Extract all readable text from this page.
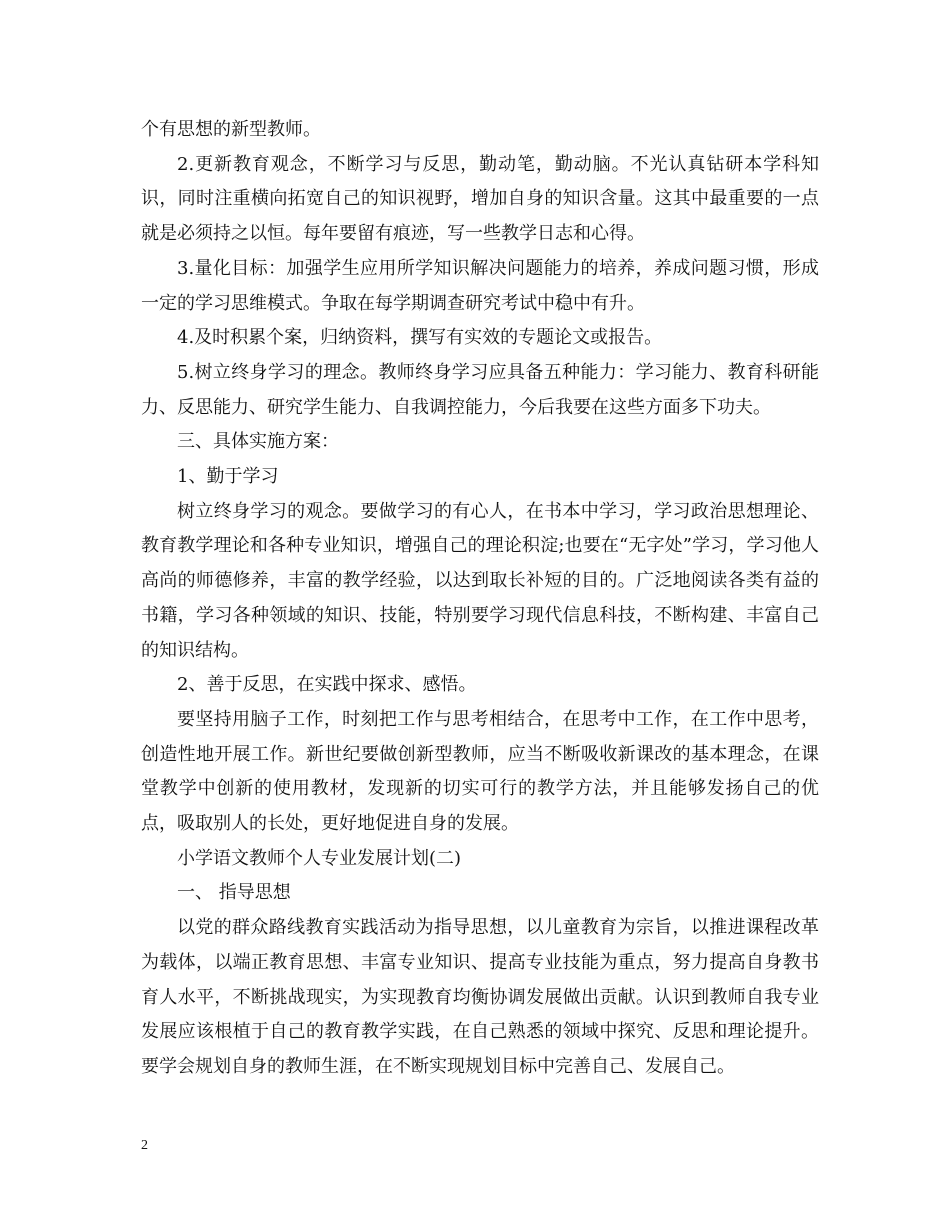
个有思想的新型教师。

2.更新教育观念，不断学习与反思，勤动笔，勤动脑。不光认真钻研本学科知识，同时注重横向拓宽自己的知识视野，增加自身的知识含量。这其中最重要的一点就是必须持之以恒。每年要留有痕迹，写一些教学日志和心得。

3.量化目标：加强学生应用所学知识解决问题能力的培养，养成问题习惯，形成一定的学习思维模式。争取在每学期调查研究考试中稳中有升。

4.及时积累个案，归纳资料，撰写有实效的专题论文或报告。

5.树立终身学习的理念。教师终身学习应具备五种能力：学习能力、教育科研能力、反思能力、研究学生能力、自我调控能力，今后我要在这些方面多下功夫。

三、具体实施方案：

1、勤于学习

树立终身学习的观念。要做学习的有心人，在书本中学习，学习政治思想理论、教育教学理论和各种专业知识，增强自己的理论积淀;也要在“无字处”学习，学习他人高尚的师德修养，丰富的教学经验，以达到取长补短的目的。广泛地阅读各类有益的书籍，学习各种领域的知识、技能，特别要学习现代信息科技，不断构建、丰富自己的知识结构。

2、善于反思，在实践中探求、感悟。

要坚持用脑子工作，时刻把工作与思考相结合，在思考中工作，在工作中思考，创造性地开展工作。新世纪要做创新型教师，应当不断吸收新课改的基本理念，在课堂教学中创新的使用教材，发现新的切实可行的教学方法，并且能够发扬自己的优点，吸取别人的长处，更好地促进自身的发展。

小学语文教师个人专业发展计划(二)

一、 指导思想

以党的群众路线教育实践活动为指导思想，以儿童教育为宗旨，以推进课程改革为载体，以端正教育思想、丰富专业知识、提高专业技能为重点，努力提高自身教书育人水平，不断挑战现实，为实现教育均衡协调发展做出贡献。认识到教师自我专业发展应该根植于自己的教育教学实践，在自己熟悉的领域中探究、反思和理论提升。要学会规划自身的教师生涯，在不断实现规划目标中完善自己、发展自己。

2
